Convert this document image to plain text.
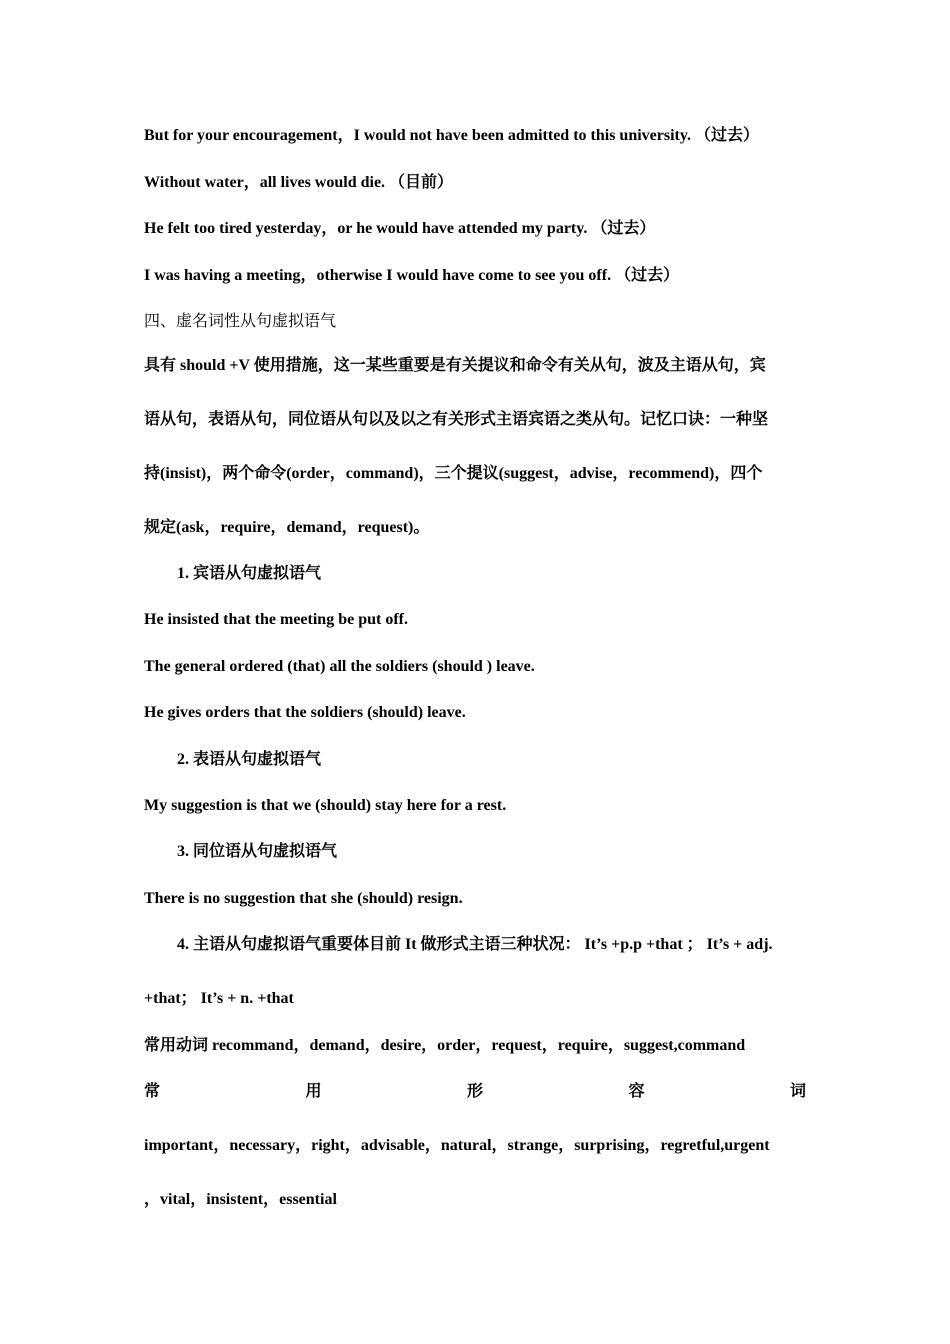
But for your encouragement，I would not have been admitted to this university. （过去）
Without water，all lives would die. （目前）
He felt too tired yesterday，or he would have attended my party. （过去）
I was having a meeting，otherwise I would have come to see you off. （过去）
四、虚名词性从句虚拟语气
具有 should +V 使用措施，这一某些重要是有关提议和命令有关从句，波及主语从句，宾
语从句，表语从句，同位语从句以及以之有关形式主语宾语之类从句。记忆口诀：一种坚
持(insist)，两个命令(order，command)，三个提议(suggest，advise，recommend)，四个
规定(ask，require，demand，request)。
1. 宾语从句虚拟语气
He insisted that the meeting be put off.
The general ordered (that) all the soldiers (should ) leave.
He gives orders that the soldiers (should) leave.
2. 表语从句虚拟语气
My suggestion is that we (should) stay here for a rest.
3. 同位语从句虚拟语气
There is no suggestion that she (should) resign.
4. 主语从句虚拟语气重要体目前 It 做形式主语三种状况： It’s +p.p +that ； It’s + adj.
+that； It’s + n. +that
常用动词 recommand，demand，desire，order，request，require，suggest,command
常	用	形	容	词
important，necessary，right，advisable，natural，strange，surprising，regretful,urgent
，vital，insistent，essential
